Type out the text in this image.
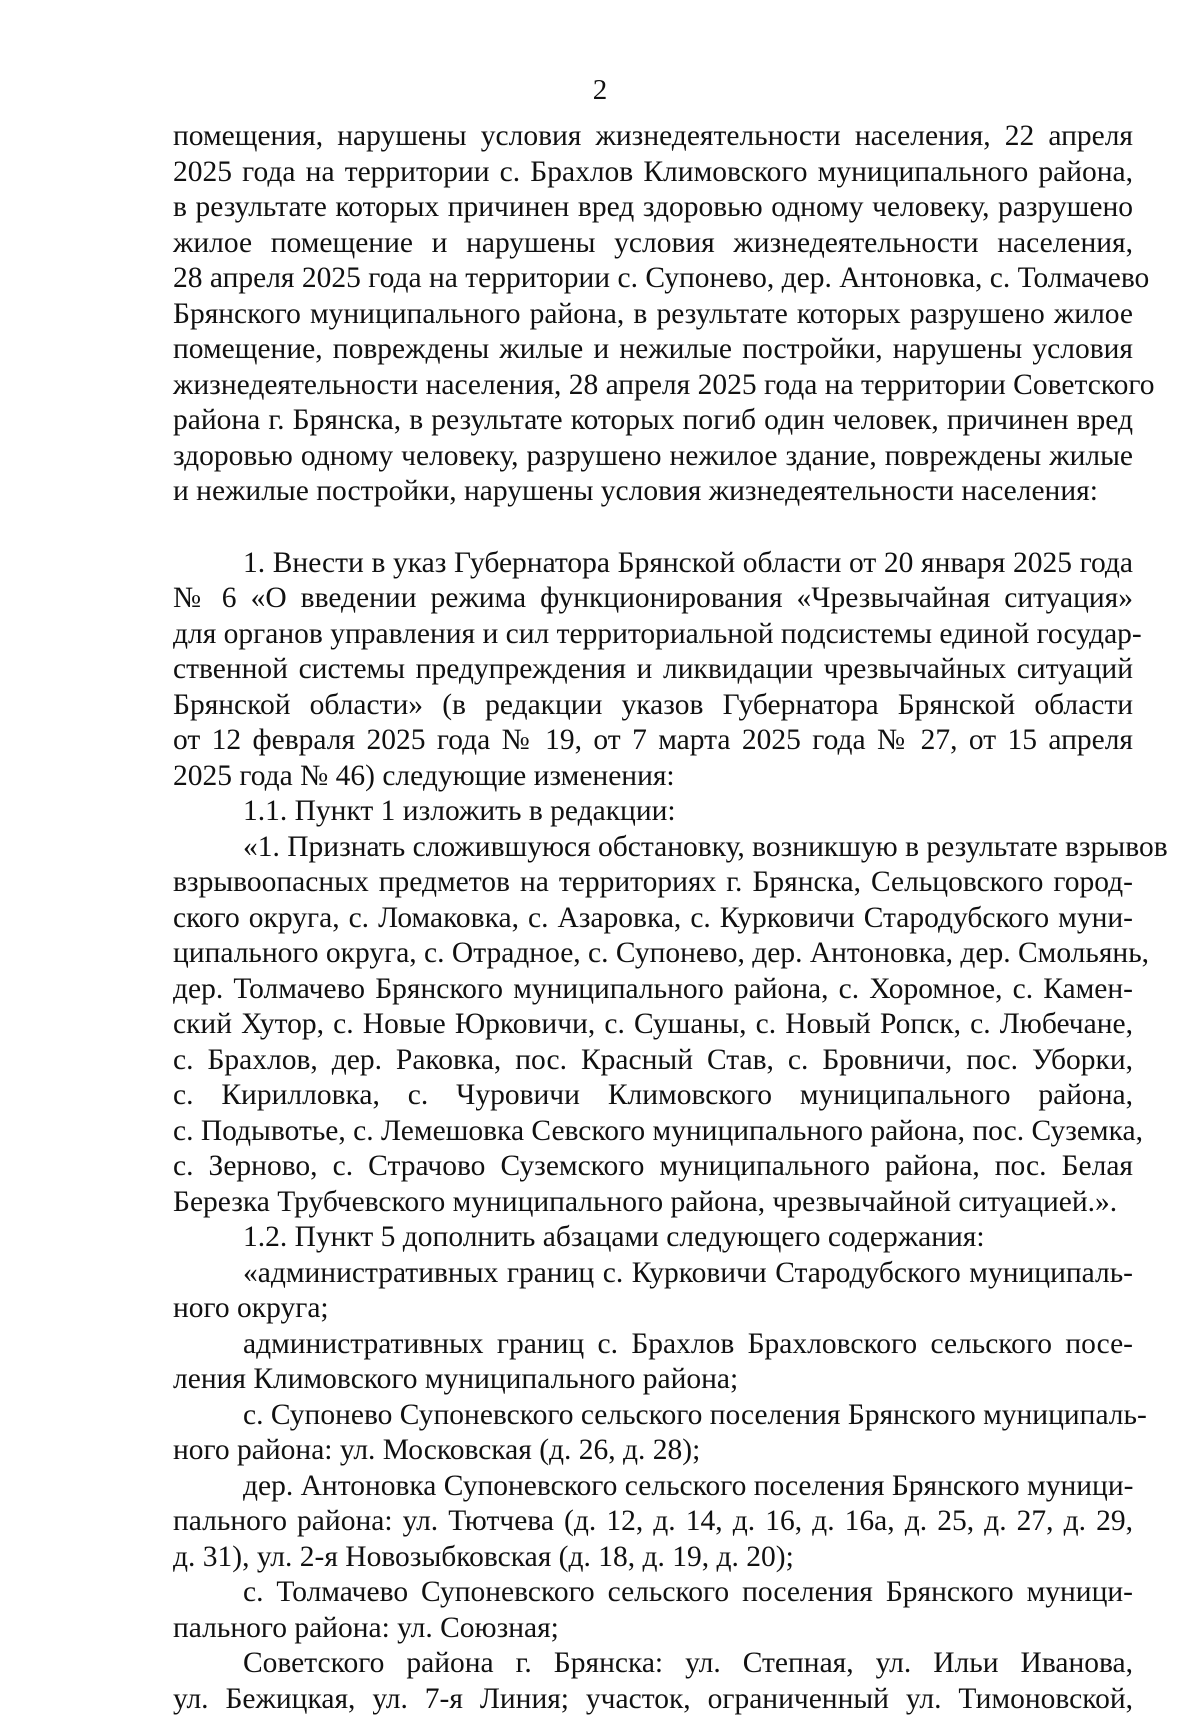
2
помещения, нарушены условия жизнедеятельности населения, 22 апреля
2025 года на территории с. Брахлов Климовского муниципального района,
в результате которых причинен вред здоровью одному человеку, разрушено
жилое помещение и нарушены условия жизнедеятельности населения,
28 апреля 2025 года на территории с. Супонево, дер. Антоновка, с. Толмачево
Брянского муниципального района, в результате которых разрушено жилое
помещение, повреждены жилые и нежилые постройки, нарушены условия
жизнедеятельности населения, 28 апреля 2025 года на территории Советского
района г. Брянска, в результате которых погиб один человек, причинен вред
здоровью одному человеку, разрушено нежилое здание, повреждены жилые
и нежилые постройки, нарушены условия жизнедеятельности населения:
1. Внести в указ Губернатора Брянской области от 20 января 2025 года
№ 6 «О введении режима функционирования «Чрезвычайная ситуация»
для органов управления и сил территориальной подсистемы единой государ-
ственной системы предупреждения и ликвидации чрезвычайных ситуаций
Брянской области» (в редакции указов Губернатора Брянской области
от 12 февраля 2025 года № 19, от 7 марта 2025 года № 27, от 15 апреля
2025 года № 46) следующие изменения:
1.1. Пункт 1 изложить в редакции:
«1. Признать сложившуюся обстановку, возникшую в результате взрывов
взрывоопасных предметов на территориях г. Брянска, Сельцовского город-
ского округа, с. Ломаковка, с. Азаровка, с. Курковичи Стародубского муни-
ципального округа, с. Отрадное, с. Супонево, дер. Антоновка, дер. Смольянь,
дер. Толмачево Брянского муниципального района, с. Хоромное, с. Камен-
ский Хутор, с. Новые Юрковичи, с. Сушаны, с. Новый Ропск, с. Любечане,
с. Брахлов, дер. Раковка, пос. Красный Став, с. Бровничи, пос. Уборки,
с. Кирилловка, с. Чуровичи Климовского муниципального района,
с. Подывотье, с. Лемешовка Севского муниципального района, пос. Суземка,
с. Зерново, с. Страчово Суземского муниципального района, пос. Белая
Березка Трубчевского муниципального района, чрезвычайной ситуацией.».
1.2. Пункт 5 дополнить абзацами следующего содержания:
«административных границ с. Курковичи Стародубского муниципаль-
ного округа;
административных границ с. Брахлов Брахловского сельского посе-
ления Климовского муниципального района;
с. Супонево Супоневского сельского поселения Брянского муниципаль-
ного района: ул. Московская (д. 26, д. 28);
дер. Антоновка Супоневского сельского поселения Брянского муници-
пального района: ул. Тютчева (д. 12, д. 14, д. 16, д. 16а, д. 25, д. 27, д. 29,
д. 31), ул. 2-я Новозыбковская (д. 18, д. 19, д. 20);
с. Толмачево Супоневского сельского поселения Брянского муници-
пального района: ул. Союзная;
Советского района г. Брянска: ул. Степная, ул. Ильи Иванова,
ул. Бежицкая, ул. 7-я Линия; участок, ограниченный ул. Тимоновской,
